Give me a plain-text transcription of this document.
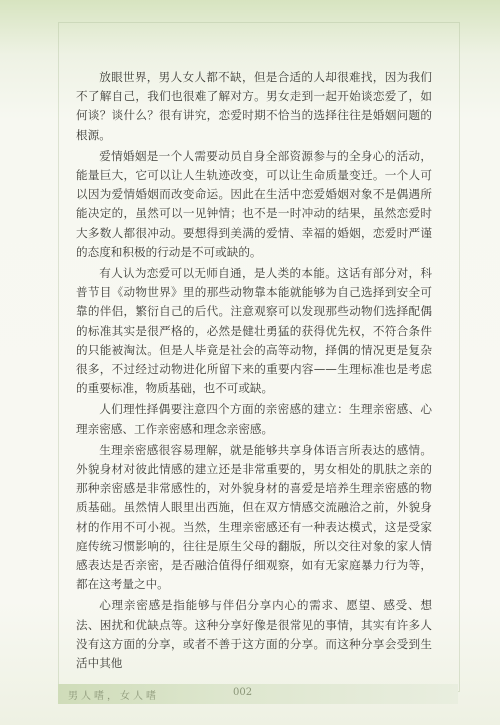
放眼世界，男人女人都不缺，但是合适的人却很难找，因为我们不了解自己，我们也很难了解对方。男女走到一起开始谈恋爱了，如何谈？谈什么？很有讲究，恋爱时期不恰当的选择往往是婚姻问题的根源。

爱情婚姻是一个人需要动员自身全部资源参与的全身心的活动，能量巨大，它可以让人生轨迹改变，可以让生命质量变迁。一个人可以因为爱情婚姻而改变命运。因此在生活中恋爱婚姻对象不是偶遇所能决定的，虽然可以一见钟情；也不是一时冲动的结果，虽然恋爱时大多数人都很冲动。要想得到美满的爱情、幸福的婚姻，恋爱时严谨的态度和积极的行动是不可或缺的。

有人认为恋爱可以无师自通，是人类的本能。这话有部分对，科普节目《动物世界》里的那些动物靠本能就能够为自己选择到安全可靠的伴侣，繁衍自己的后代。注意观察可以发现那些动物们选择配偶的标准其实是很严格的，必然是健壮勇猛的获得优先权，不符合条件的只能被淘汰。但是人毕竟是社会的高等动物，择偶的情况更是复杂很多，不过经过动物进化所留下来的重要内容——生理标准也是考虑的重要标准，物质基础，也不可或缺。

人们理性择偶要注意四个方面的亲密感的建立：生理亲密感、心理亲密感、工作亲密感和理念亲密感。

生理亲密感很容易理解，就是能够共享身体语言所表达的感情。外貌身材对彼此情感的建立还是非常重要的，男女相处的肌肤之亲的那种亲密感是非常感性的，对外貌身材的喜爱是培养生理亲密感的物质基础。虽然情人眼里出西施，但在双方情感交流融洽之前，外貌身材的作用不可小视。当然，生理亲密感还有一种表达模式，这是受家庭传统习惯影响的，往往是原生父母的翻版，所以交往对象的家人情感表达是否亲密，是否融洽值得仔细观察，如有无家庭暴力行为等，都在这考量之中。

心理亲密感是指能够与伴侣分享内心的需求、愿望、感受、想法、困扰和优缺点等。这种分享好像是很常见的事情，其实有许多人没有这方面的分享，或者不善于这方面的分享。而这种分享会受到生活中其他

男人嗜，女人嗜	002
